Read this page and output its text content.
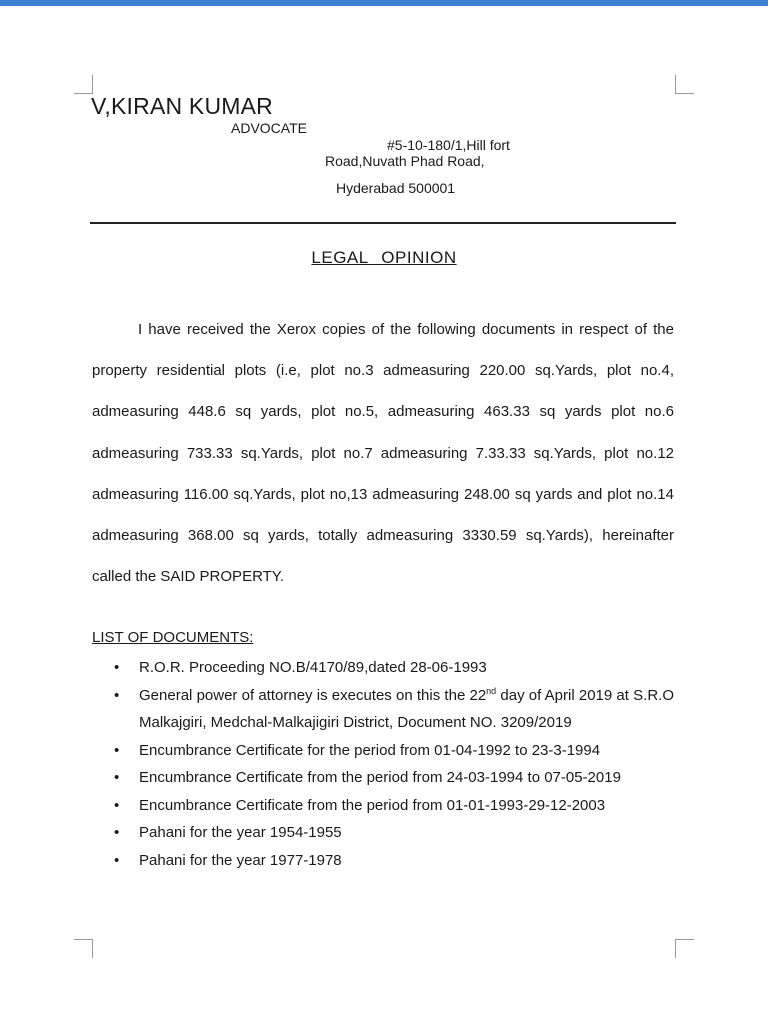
V,KIRAN KUMAR
ADVOCATE
#5-10-180/1,Hill fort
Road,Nuvath Phad Road,
Hyderabad 500001
LEGAL OPINION

I have received the Xerox copies of the following documents in respect of the property residential plots (i.e, plot no.3 admeasuring 220.00 sq.Yards, plot no.4, admeasuring 448.6 sq yards, plot no.5, admeasuring 463.33 sq yards plot no.6 admeasuring 733.33 sq.Yards, plot no.7 admeasuring 7.33.33 sq.Yards, plot no.12 admeasuring 116.00 sq.Yards, plot no,13 admeasuring 248.00 sq yards and plot no.14 admeasuring 368.00 sq yards, totally admeasuring 3330.59 sq.Yards), hereinafter called the SAID PROPERTY.

LIST OF DOCUMENTS:
• R.O.R. Proceeding NO.B/4170/89,dated 28-06-1993
• General power of attorney is executes on this the 22nd day of April 2019 at S.R.O Malkajgiri, Medchal-Malkajigiri District, Document NO. 3209/2019
• Encumbrance Certificate for the period from 01-04-1992 to 23-3-1994
• Encumbrance Certificate from the period from 24-03-1994 to 07-05-2019
• Encumbrance Certificate from the period from 01-01-1993-29-12-2003
• Pahani for the year 1954-1955
• Pahani for the year 1977-1978
